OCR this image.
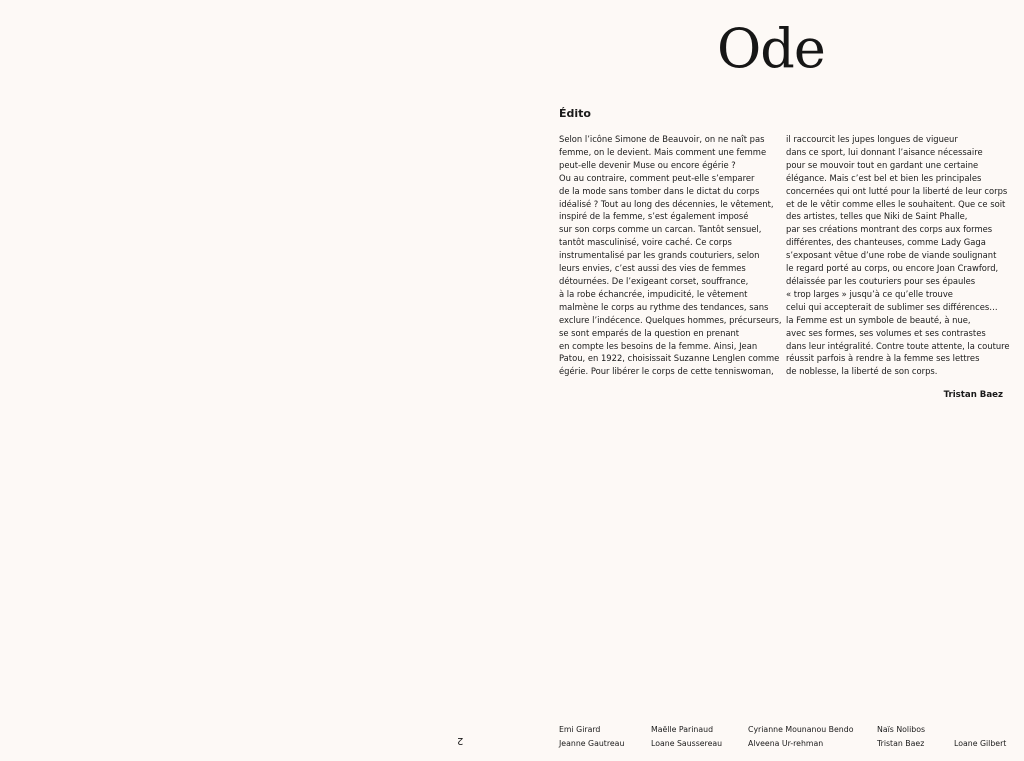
Ode
Édito
Selon l’icône Simone de Beauvoir, on ne naît pas
femme, on le devient. Mais comment une femme
peut-elle devenir Muse ou encore égérie ?
Ou au contraire, comment peut-elle s’emparer
de la mode sans tomber dans le dictat du corps
idéalisé ? Tout au long des décennies, le vêtement,
inspiré de la femme, s’est également imposé
sur son corps comme un carcan. Tantôt sensuel,
tantôt masculinisé, voire caché. Ce corps
instrumentalisé par les grands couturiers, selon
leurs envies, c’est aussi des vies de femmes
détournées. De l’exigeant corset, souffrance,
à la robe échancrée, impudicité, le vêtement
malmène le corps au rythme des tendances, sans
exclure l’indécence. Quelques hommes, précurseurs,
se sont emparés de la question en prenant
en compte les besoins de la femme. Ainsi, Jean
Patou, en 1922, choisissait Suzanne Lenglen comme
égérie. Pour libérer le corps de cette tenniswoman,
il raccourcit les jupes longues de vigueur
dans ce sport, lui donnant l’aisance nécessaire
pour se mouvoir tout en gardant une certaine
élégance. Mais c’est bel et bien les principales
concernées qui ont lutté pour la liberté de leur corps
et de le vêtir comme elles le souhaitent. Que ce soit
des artistes, telles que Niki de Saint Phalle,
par ses créations montrant des corps aux formes
différentes, des chanteuses, comme Lady Gaga
s’exposant vêtue d’une robe de viande soulignant
le regard porté au corps, ou encore Joan Crawford,
délaissée par les couturiers pour ses épaules
« trop larges » jusqu’à ce qu’elle trouve
celui qui accepterait de sublimer ses différences…
la Femme est un symbole de beauté, à nue,
avec ses formes, ses volumes et ses contrastes
dans leur intégralité. Contre toute attente, la couture
réussit parfois à rendre à la femme ses lettres
de noblesse, la liberté de son corps.
Tristan Baez
2
Emi Girard
Jeanne Gautreau
Maëlle Parinaud
Loane Saussereau
Cyrianne Mounanou Bendo
Alveena Ur-rehman
Naïs Nolibos
Tristan Baez	Loane Gilbert
